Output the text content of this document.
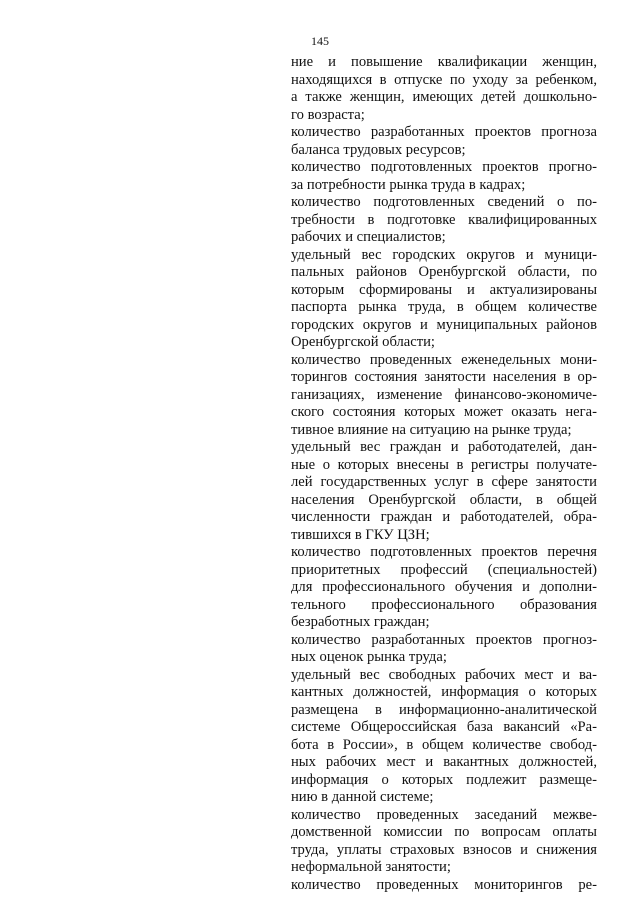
145
ние и повышение квалификации женщин,
находящихся в отпуске по уходу за ребенком,
а также женщин, имеющих детей дошкольно-
го возраста;
количество разработанных проектов прогноза
баланса трудовых ресурсов;
количество подготовленных проектов прогно-
за потребности рынка труда в кадрах;
количество подготовленных сведений о по-
требности в подготовке квалифицированных
рабочих и специалистов;
удельный вес городских округов и муници-
пальных районов Оренбургской области, по
которым сформированы и актуализированы
паспорта рынка труда, в общем количестве
городских округов и муниципальных районов
Оренбургской области;
количество проведенных еженедельных мони-
торингов состояния занятости населения в ор-
ганизациях, изменение финансово-экономиче-
ского состояния которых может оказать нега-
тивное влияние на ситуацию на рынке труда;
удельный вес граждан и работодателей, дан-
ные о которых внесены в регистры получате-
лей государственных услуг в сфере занятости
населения Оренбургской области, в общей
численности граждан и работодателей, обра-
тившихся в ГКУ ЦЗН;
количество подготовленных проектов перечня
приоритетных профессий (специальностей)
для профессионального обучения и дополни-
тельного профессионального образования
безработных граждан;
количество разработанных проектов прогноз-
ных оценок рынка труда;
удельный вес свободных рабочих мест и ва-
кантных должностей, информация о которых
размещена в информационно-аналитической
системе Общероссийская база вакансий «Ра-
бота в России», в общем количестве свобод-
ных рабочих мест и вакантных должностей,
информация о которых подлежит размеще-
нию в данной системе;
количество проведенных заседаний межве-
домственной комиссии по вопросам оплаты
труда, уплаты страховых взносов и снижения
неформальной занятости;
количество проведенных мониторингов ре-
